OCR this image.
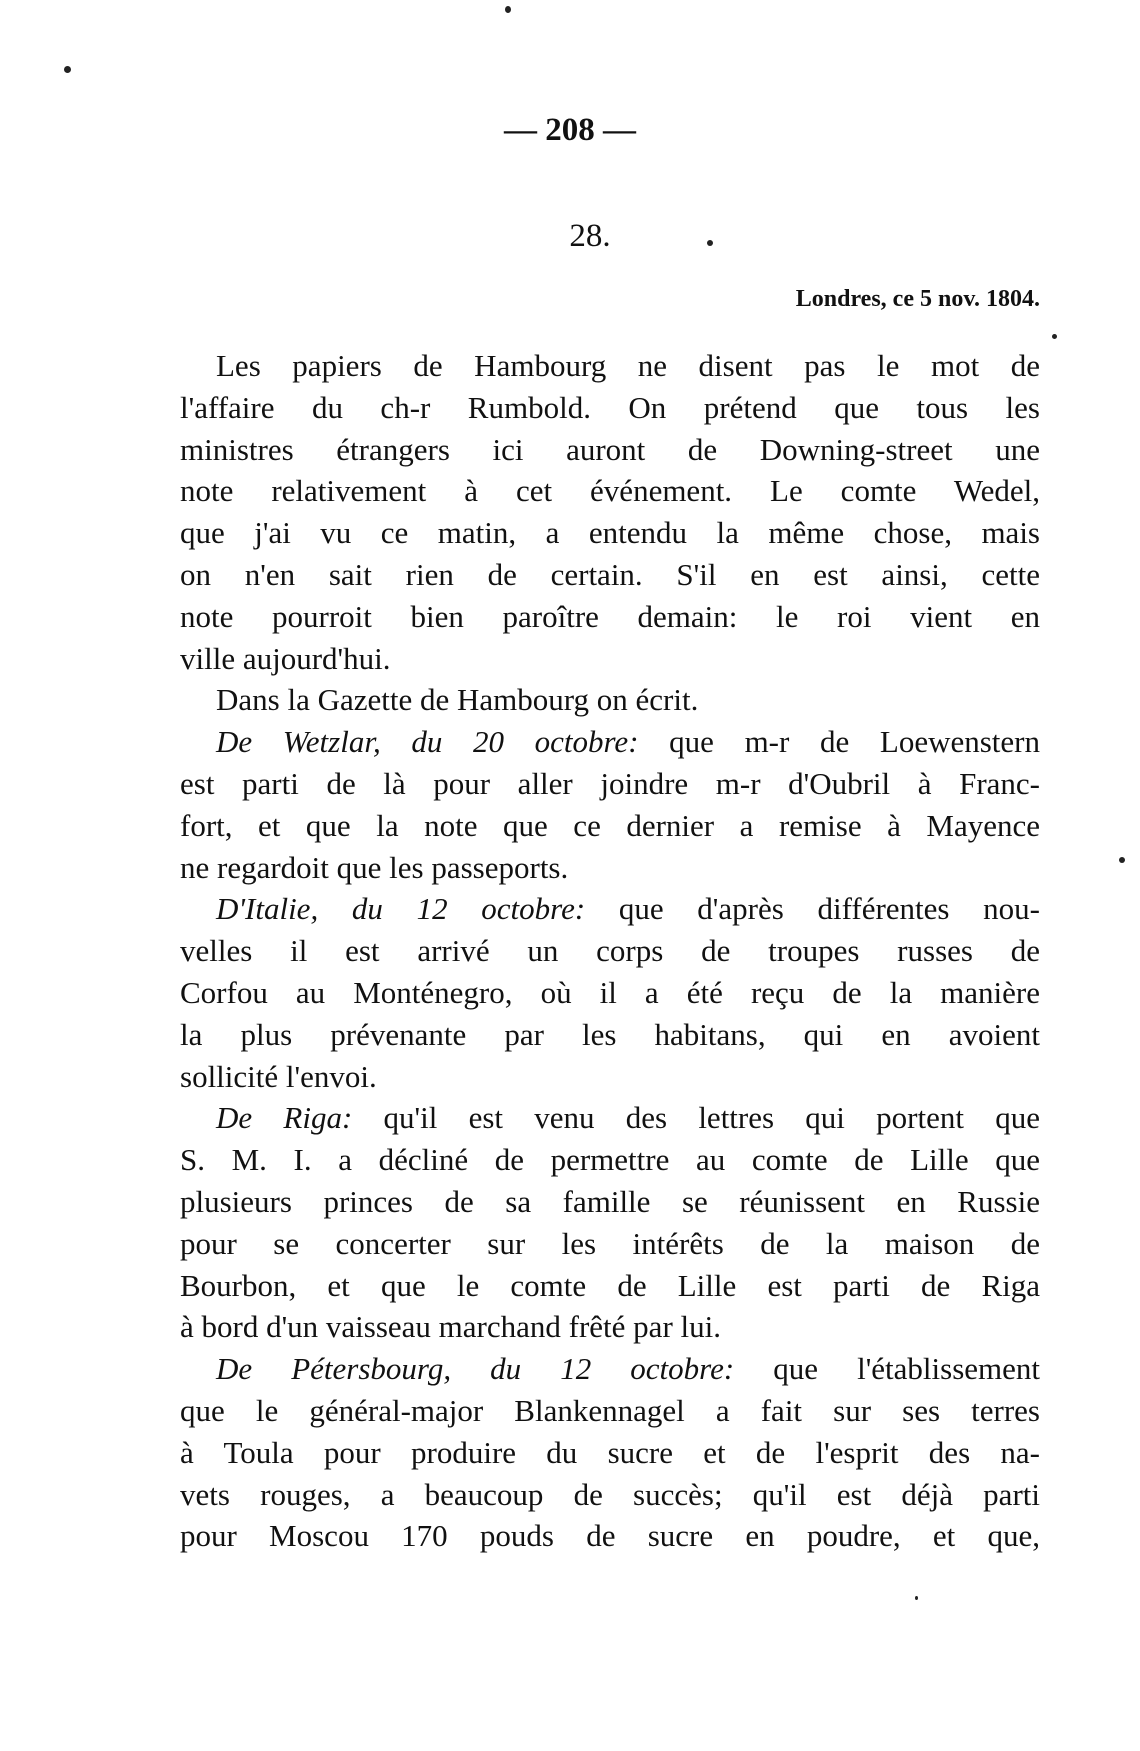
— 208 —
28.
Londres, ce 5 nov. 1804.
Les papiers de Hambourg ne disent pas le mot de
l'affaire du ch-r Rumbold. On prétend que tous les
ministres étrangers ici auront de Downing-street une
note relativement à cet événement. Le comte Wedel,
que j'ai vu ce matin, a entendu la même chose, mais
on n'en sait rien de certain. S'il en est ainsi, cette
note pourroit bien paroître demain: le roi vient en
ville aujourd'hui.
Dans la Gazette de Hambourg on écrit.
De Wetzlar, du 20 octobre: que m-r de Loewenstern
est parti de là pour aller joindre m-r d'Oubril à Franc-
fort, et que la note que ce dernier a remise à Mayence
ne regardoit que les passeports.
D'Italie, du 12 octobre: que d'après différentes nou-
velles il est arrivé un corps de troupes russes de
Corfou au Monténegro, où il a été reçu de la manière
la plus prévenante par les habitans, qui en avoient
sollicité l'envoi.
De Riga: qu'il est venu des lettres qui portent que
S. M. I. a décliné de permettre au comte de Lille que
plusieurs princes de sa famille se réunissent en Russie
pour se concerter sur les intérêts de la maison de
Bourbon, et que le comte de Lille est parti de Riga
à bord d'un vaisseau marchand frêté par lui.
De Pétersbourg, du 12 octobre: que l'établissement
que le général-major Blankennagel a fait sur ses terres
à Toula pour produire du sucre et de l'esprit des na-
vets rouges, a beaucoup de succès; qu'il est déjà parti
pour Moscou 170 pouds de sucre en poudre, et que,
